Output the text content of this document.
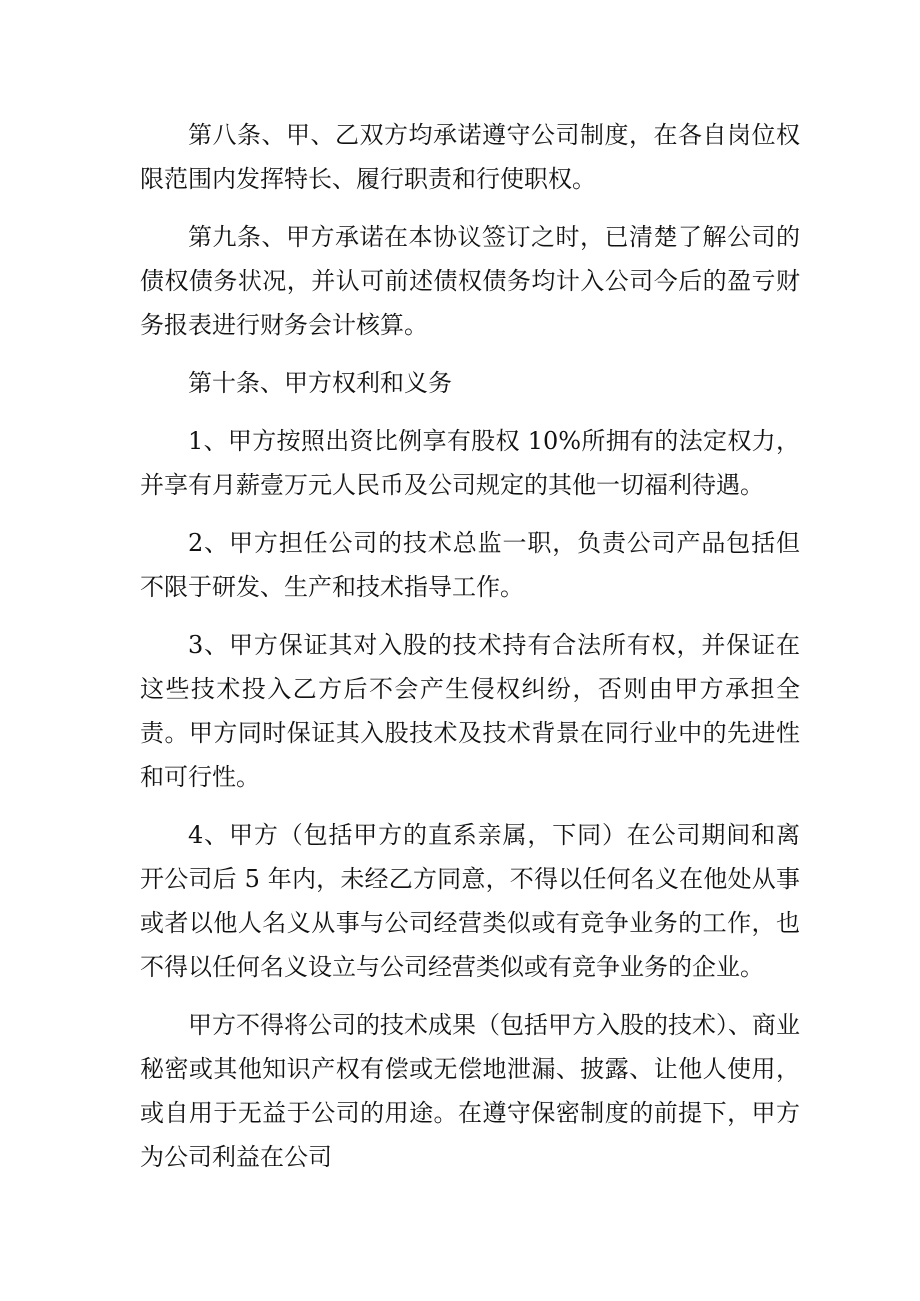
第八条、甲、乙双方均承诺遵守公司制度，在各自岗位权限范围内发挥特长、履行职责和行使职权。

第九条、甲方承诺在本协议签订之时，已清楚了解公司的债权债务状况，并认可前述债权债务均计入公司今后的盈亏财务报表进行财务会计核算。

第十条、甲方权利和义务

1、甲方按照出资比例享有股权 10%所拥有的法定权力，并享有月薪壹万元人民币及公司规定的其他一切福利待遇。

2、甲方担任公司的技术总监一职，负责公司产品包括但不限于研发、生产和技术指导工作。

3、甲方保证其对入股的技术持有合法所有权，并保证在这些技术投入乙方后不会产生侵权纠纷，否则由甲方承担全责。甲方同时保证其入股技术及技术背景在同行业中的先进性和可行性。

4、甲方（包括甲方的直系亲属，下同）在公司期间和离开公司后 5 年内，未经乙方同意，不得以任何名义在他处从事或者以他人名义从事与公司经营类似或有竞争业务的工作，也不得以任何名义设立与公司经营类似或有竞争业务的企业。

甲方不得将公司的技术成果（包括甲方入股的技术）、商业秘密或其他知识产权有偿或无偿地泄漏、披露、让他人使用，或自用于无益于公司的用途。在遵守保密制度的前提下，甲方为公司利益在公司
